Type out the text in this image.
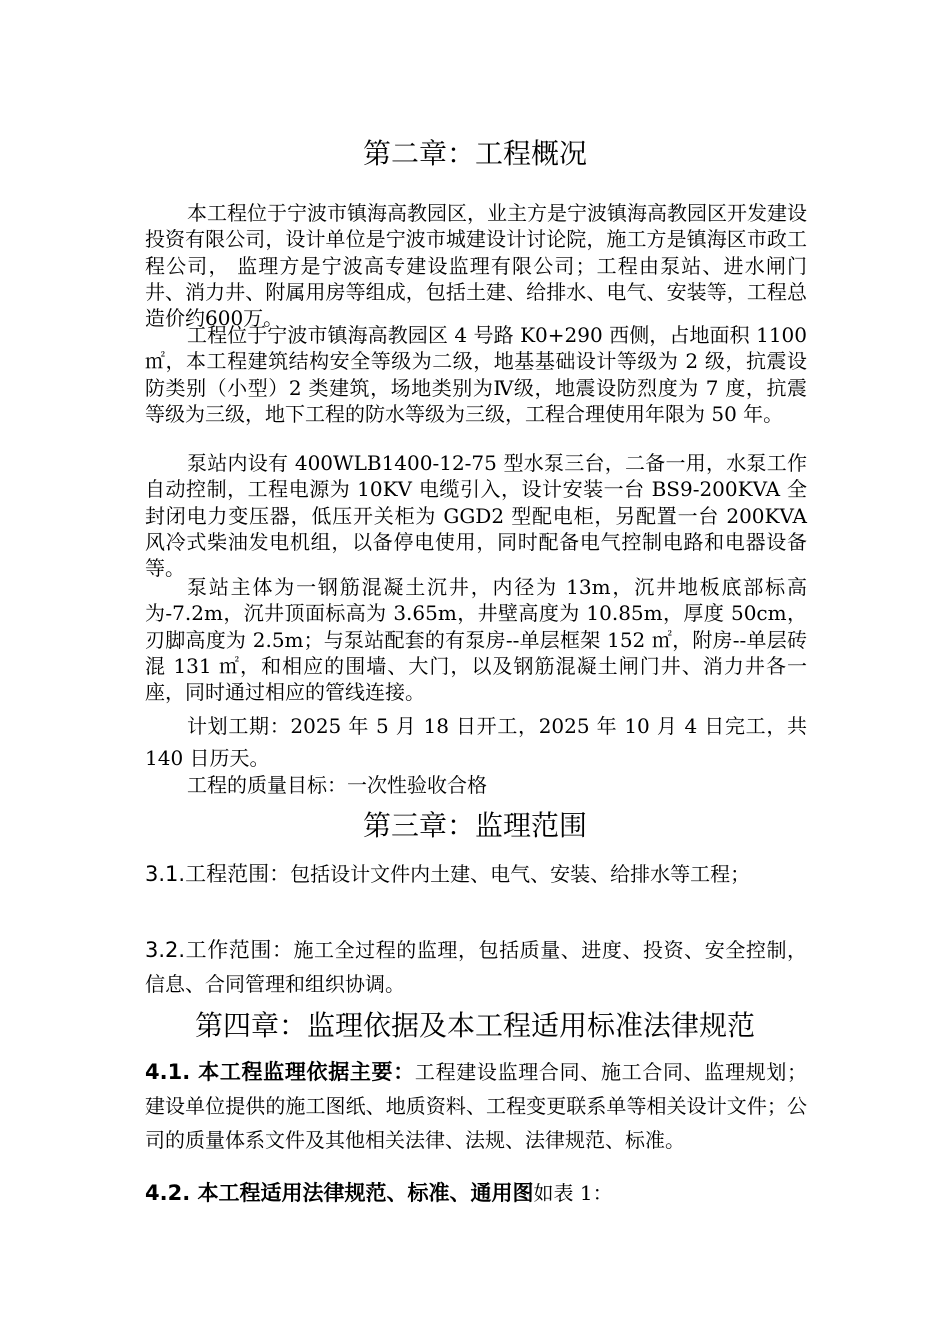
第二章：工程概况

本工程位于宁波市镇海高教园区，业主方是宁波镇海高教园区开发建设投资有限公司，设计单位是宁波市城建设计讨论院，施工方是镇海区市政工程公司， 监理方是宁波高专建设监理有限公司；工程由泵站、进水闸门井、消力井、附属用房等组成，包括土建、给排水、电气、安装等，工程总造价约600万。

工程位于宁波市镇海高教园区 4 号路 K0+290 西侧，占地面积 1100㎡，本工程建筑结构安全等级为二级，地基基础设计等级为 2 级，抗震设防类别（小型）2 类建筑，场地类别为Ⅳ级，地震设防烈度为 7 度，抗震等级为三级，地下工程的防水等级为三级，工程合理使用年限为 50 年。

泵站内设有 400WLB1400-12-75 型水泵三台，二备一用，水泵工作自动控制，工程电源为 10KV 电缆引入，设计安装一台 BS9-200KVA 全封闭电力变压器，低压开关柜为 GGD2 型配电柜，另配置一台 200KVA 风冷式柴油发电机组，以备停电使用，同时配备电气控制电路和电器设备等。

泵站主体为一钢筋混凝土沉井，内径为 13m，沉井地板底部标高为-7.2m，沉井顶面标高为 3.65m，井壁高度为 10.85m，厚度 50cm，刃脚高度为 2.5m；与泵站配套的有泵房--单层框架 152 ㎡，附房--单层砖混 131 ㎡，和相应的围墙、大门，以及钢筋混凝土闸门井、消力井各一座，同时通过相应的管线连接。

计划工期：2025 年 5 月 18 日开工，2025 年 10 月 4 日完工，共 140 日历天。

工程的质量目标：一次性验收合格

第三章：监理范围

3.1.工程范围：包括设计文件内土建、电气、安装、给排水等工程；

3.2.工作范围：施工全过程的监理，包括质量、进度、投资、安全控制，信息、合同管理和组织协调。

第四章：监理依据及本工程适用标准法律规范

4.1. 本工程监理依据主要：工程建设监理合同、施工合同、监理规划；建设单位提供的施工图纸、地质资料、工程变更联系单等相关设计文件；公司的质量体系文件及其他相关法律、法规、法律规范、标准。

4.2. 本工程适用法律规范、标准、通用图如表 1：
